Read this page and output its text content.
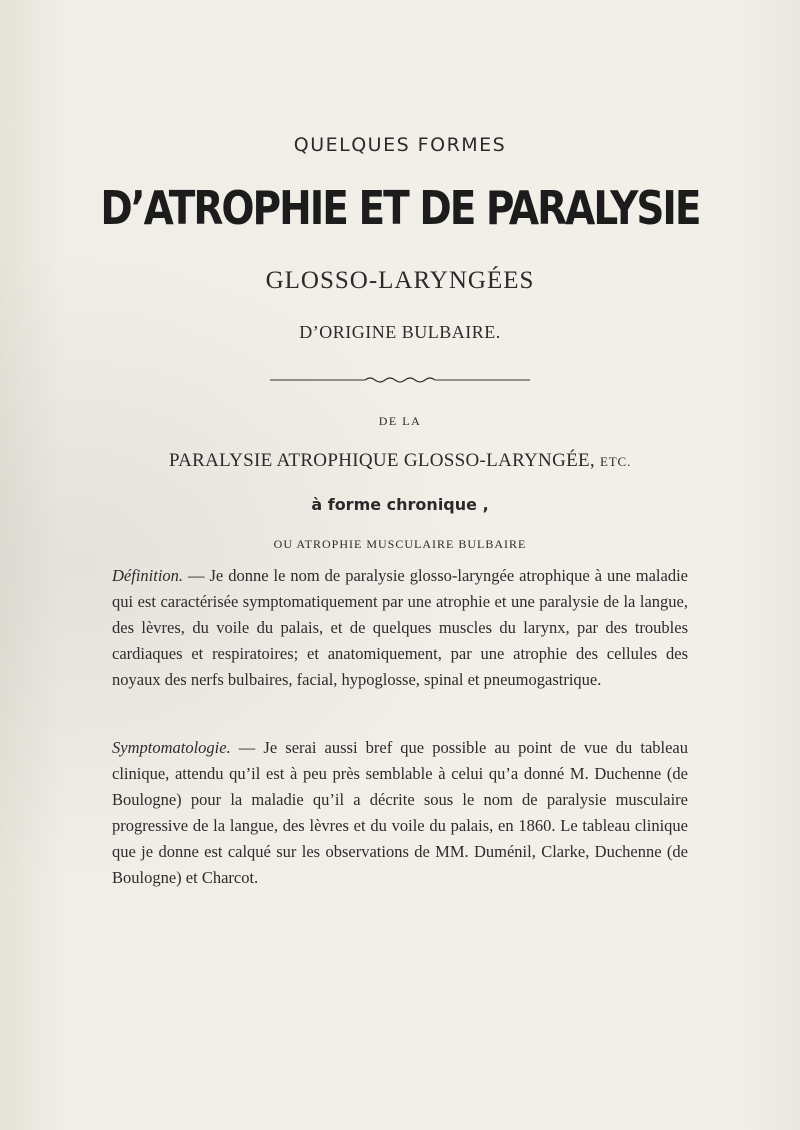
QUELQUES FORMES
D’ATROPHIE ET DE PARALYSIE
GLOSSO-LARYNGÉES
D’ORIGINE BULBAIRE.
DE LA
PARALYSIE ATROPHIQUE GLOSSO-LARYNGÉE, ETC.
à forme chronique ,
OU ATROPHIE MUSCULAIRE BULBAIRE

Définition. — Je donne le nom de paralysie glosso-laryngée atrophique à une maladie qui est caractérisée symptomatiquement par une atrophie et une paralysie de la langue, des lèvres, du voile du palais, et de quelques muscles du larynx, par des troubles cardiaques et respiratoires; et anatomiquement, par une atrophie des cellules des noyaux des nerfs bulbaires, facial, hypoglosse, spinal et pneumogastrique.

Symptomatologie. — Je serai aussi bref que possible au point de vue du tableau clinique, attendu qu’il est à peu près semblable à celui qu’a donné M. Duchenne (de Boulogne) pour la maladie qu’il a décrite sous le nom de paralysie musculaire progressive de la langue, des lèvres et du voile du palais, en 1860. Le tableau clinique que je donne est calqué sur les observations de MM. Duménil, Clarke, Duchenne (de Boulogne) et Charcot.
